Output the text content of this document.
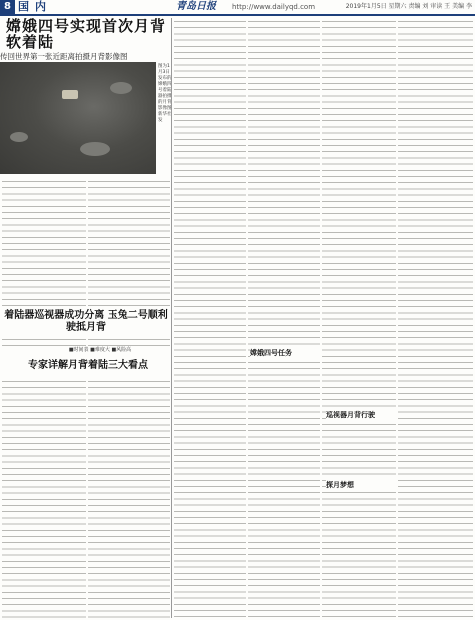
8 国内	青岛日报 http://www.dailyqd.com	2019年1月5日 星期六 责编 刘 审读 王 美编 李
嫦娥四号实现首次月背软着陆
传回世界第一张近距离拍摄月背影像图
图为1月3日发布的嫦娥四号着陆器拍摄的月背影像图 新华社发
着陆器巡视器成功分离 玉兔二号顺利驶抵月背
■时间表 ■难度大 ■风险高
专家详解月背着陆三大看点
嫦娥四号任务
巡视器月背行驶
探月梦想
